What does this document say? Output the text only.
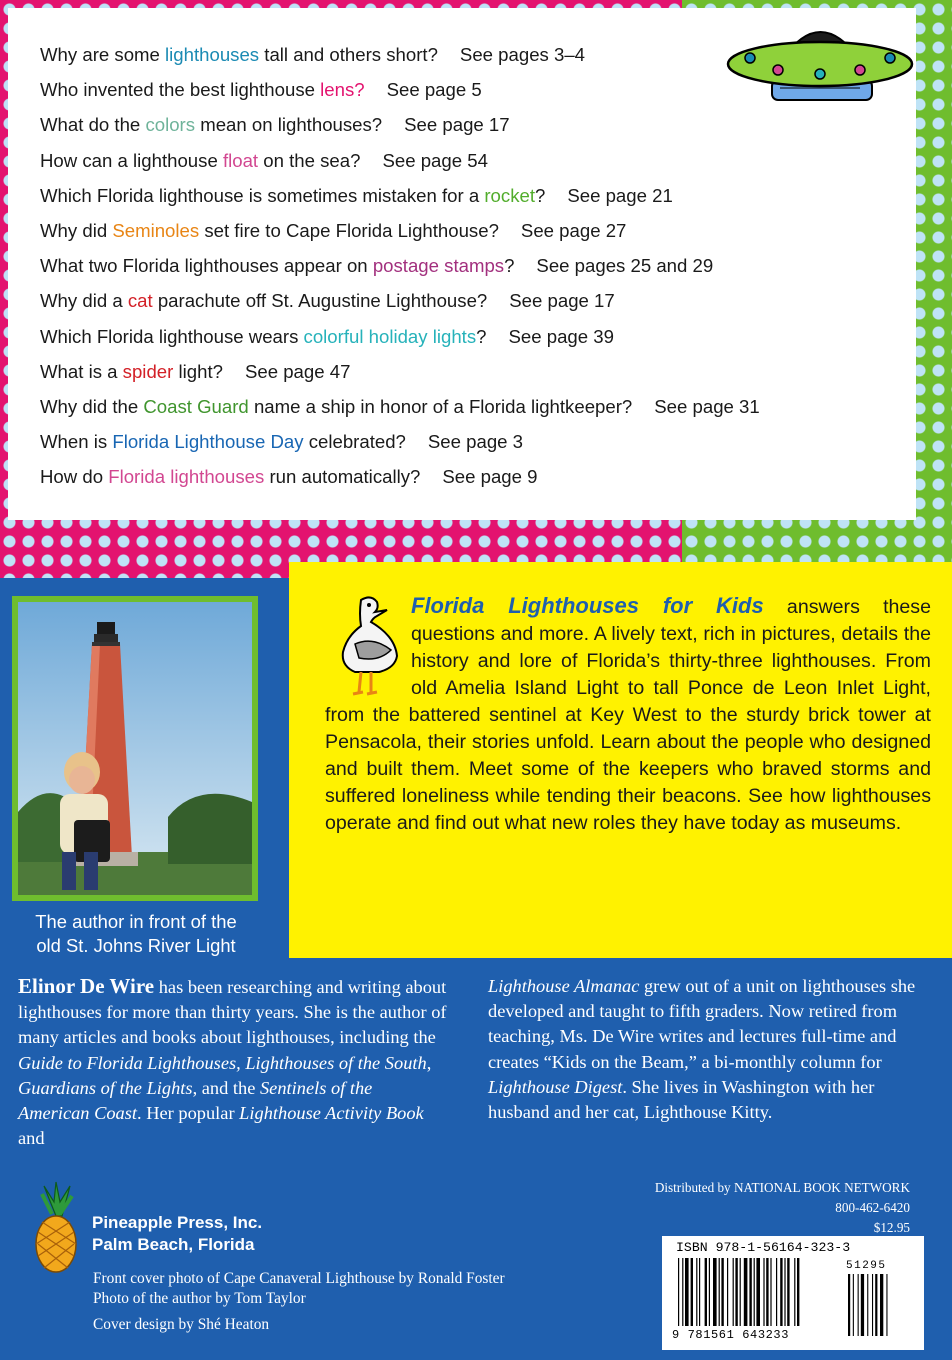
Why are some lighthouses tall and others short? See pages 3–4
Who invented the best lighthouse lens? See page 5
What do the colors mean on lighthouses? See page 17
How can a lighthouse float on the sea? See page 54
Which Florida lighthouse is sometimes mistaken for a rocket? See page 21
Why did Seminoles set fire to Cape Florida Lighthouse? See page 27
What two Florida lighthouses appear on postage stamps? See pages 25 and 29
Why did a cat parachute off St. Augustine Lighthouse? See page 17
Which Florida lighthouse wears colorful holiday lights? See page 39
What is a spider light? See page 47
Why did the Coast Guard name a ship in honor of a Florida lightkeeper? See page 31
When is Florida Lighthouse Day celebrated? See page 3
How do Florida lighthouses run automatically? See page 9
The author in front of the
old St. Johns River Light
Florida Lighthouses for Kids answers these questions and more. A lively text, rich in pictures, details the history and lore of Florida’s thirty-three lighthouses. From old Amelia Island Light to tall Ponce de Leon Inlet Light, from the battered sentinel at Key West to the sturdy brick tower at Pensacola, their stories unfold. Learn about the people who designed and built them. Meet some of the keepers who braved storms and suffered loneliness while tending their beacons. See how lighthouses operate and find out what new roles they have today as museums.
Elinor De Wire has been researching and writing about lighthouses for more than thirty years. She is the author of many articles and books about lighthouses, including the Guide to Florida Lighthouses, Lighthouses of the South, Guardians of the Lights, and the Sentinels of the American Coast. Her popular Lighthouse Activity Book and
Lighthouse Almanac grew out of a unit on lighthouses she developed and taught to fifth graders. Now retired from teaching, Ms. De Wire writes and lectures full-time and creates “Kids on the Beam,” a bi-monthly column for Lighthouse Digest. She lives in Washington with her husband and her cat, Lighthouse Kitty.
Pineapple Press, Inc.
Palm Beach, Florida
Front cover photo of Cape Canaveral Lighthouse by Ronald Foster
Photo of the author by Tom Taylor
Cover design by Shé Heaton
Distributed by NATIONAL BOOK NETWORK
800-462-6420
$12.95
ISBN 978-1-56164-323-3
9 781561 643233
51295
